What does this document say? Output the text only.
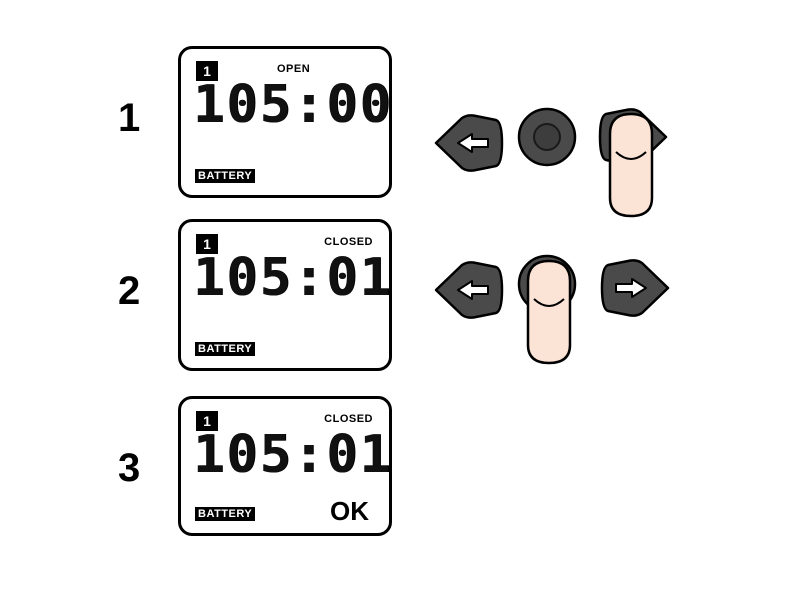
1
1	OPEN
105:00
BATTERY
2
1	CLOSED
105:01
BATTERY
3
1	CLOSED
105:01
BATTERY	OK
